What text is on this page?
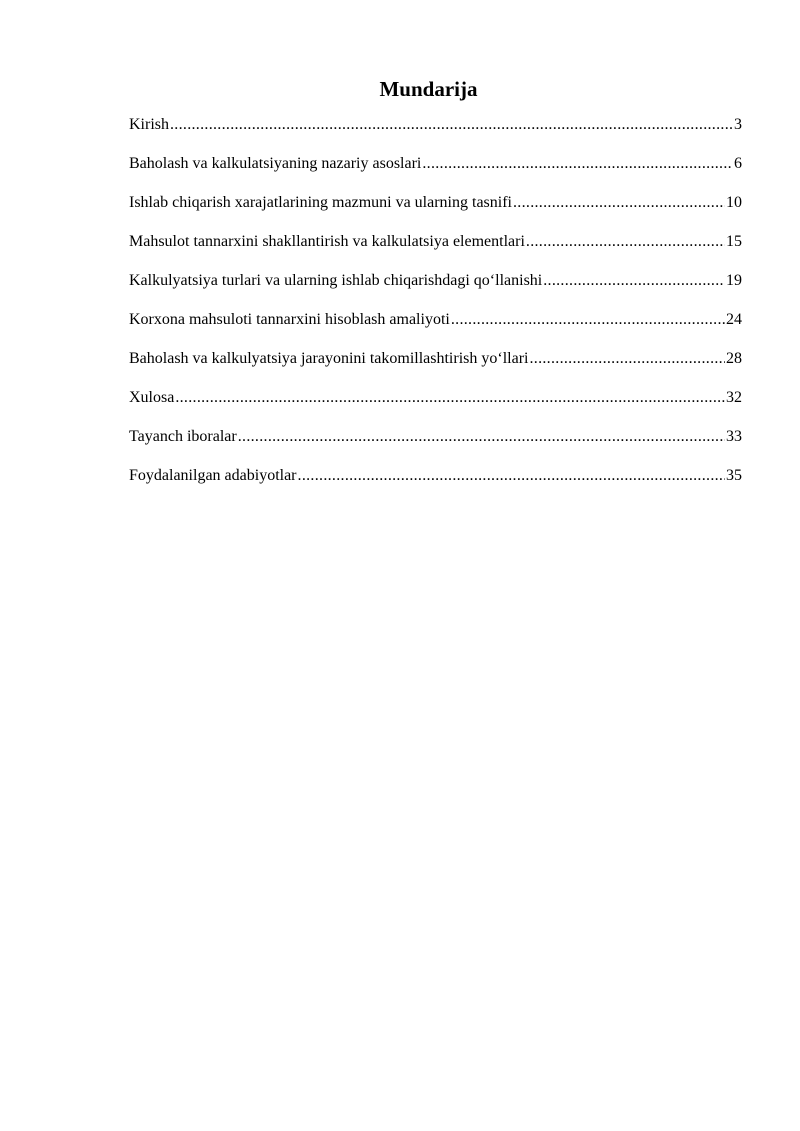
Mundarija
Kirish .....	3
Baholash va kalkulatsiyaning nazariy asoslari .....	6
Ishlab chiqarish xarajatlarining mazmuni va ularning tasnifi .....	10
Mahsulot tannarxini shakllantirish va kalkulatsiya elementlari .....	15
Kalkulyatsiya turlari va ularning ishlab chiqarishdagi qo‘llanishi .....	19
Korxona mahsuloti tannarxini hisoblash amaliyoti .....	24
Baholash va kalkulyatsiya jarayonini takomillashtirish yo‘llari .....	28
Xulosa .....	32
Tayanch iboralar .....	33
Foydalanilgan adabiyotlar .....	35
